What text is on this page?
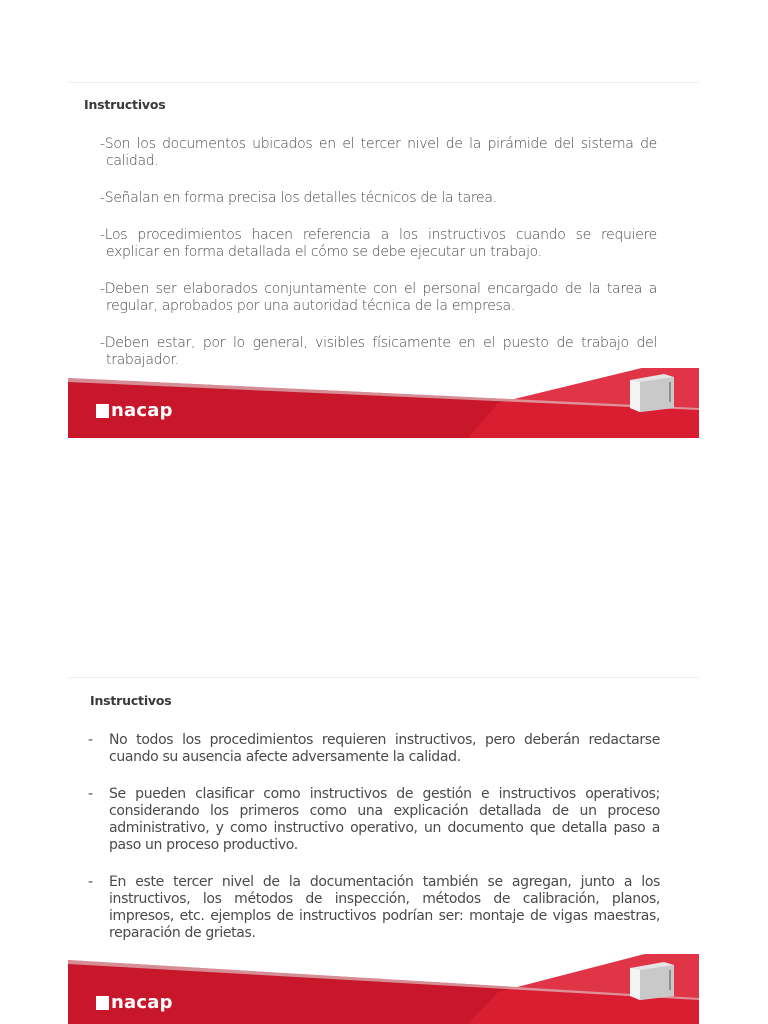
Instructivos
-Son los documentos ubicados en el tercer nivel de la pirámide del sistema de calidad.
-Señalan en forma precisa los detalles técnicos de la tarea.
-Los procedimientos hacen referencia a los instructivos cuando se requiere explicar en forma detallada el cómo se debe ejecutar un trabajo.
-Deben ser elaborados conjuntamente con el personal encargado de la tarea a regular, aprobados por una autoridad técnica de la empresa.
-Deben estar, por lo general, visibles físicamente en el puesto de trabajo del trabajador.
nacap
Instructivos
- No todos los procedimientos requieren instructivos, pero deberán redactarse cuando su ausencia afecte adversamente la calidad.
- Se pueden clasificar como instructivos de gestión e instructivos operativos; considerando los primeros como una explicación detallada de un proceso administrativo, y como instructivo operativo, un documento que detalla paso a paso un proceso productivo.
- En este tercer nivel de la documentación también se agregan, junto a los instructivos, los métodos de inspección, métodos de calibración, planos, impresos, etc. ejemplos de instructivos podrían ser: montaje de vigas maestras, reparación de grietas.
nacap
